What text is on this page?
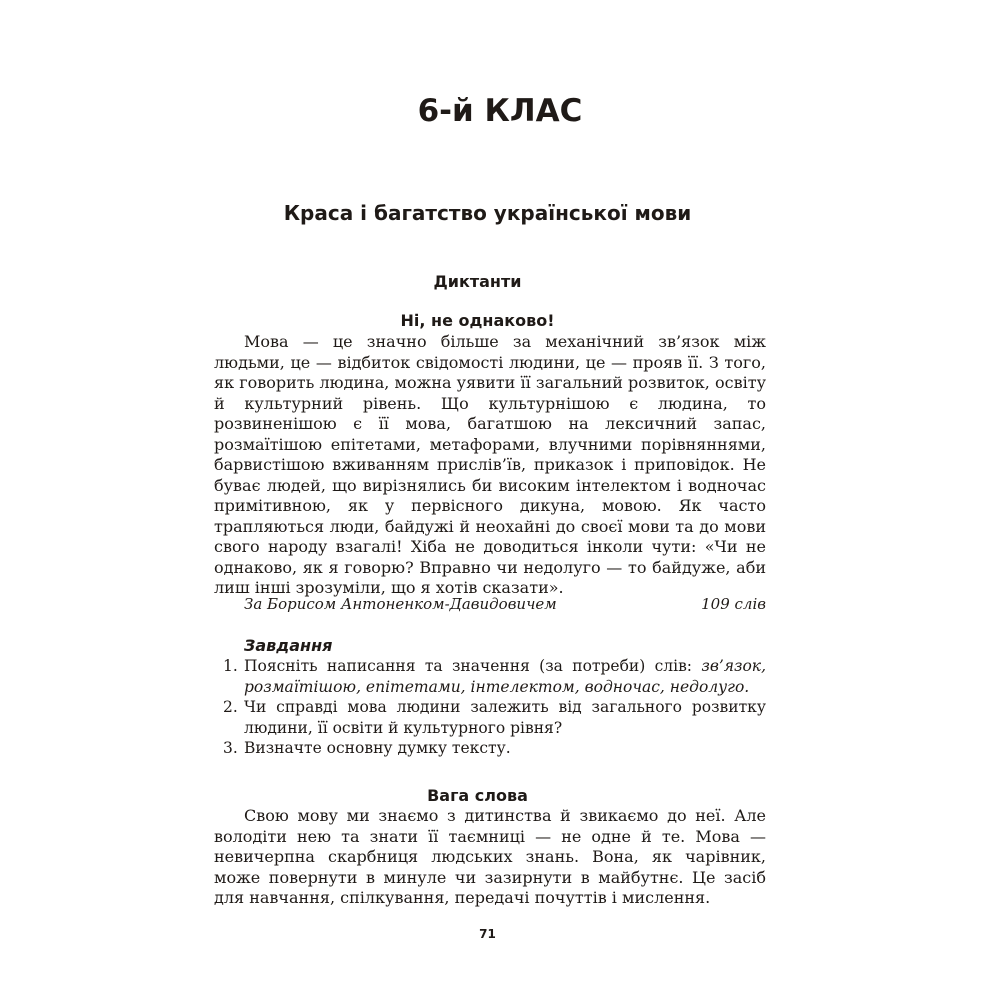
6-й КЛАС
Краса і багатство української мови
Диктанти
Ні, не однаково!

Мова — це значно більше за механічний зв’язок між людьми, це — відбиток свідомості людини, це — прояв її. З того, як говорить людина, можна уявити її загальний розвиток, освіту й культурний рівень. Що культурнішою є людина, то розвиненішою є її мова, багатшою на лексичний запас, розмаїтішою епітетами, метафорами, влучними порівняннями, барвистішою вживанням прислів’їв, приказок і приповідок. Не буває людей, що вирізнялись би високим інтелектом і водночас примітивною, як у первісного дикуна, мовою. Як часто трапляються люди, байдужі й неохайні до своєї мови та до мови свого народу взагалі! Хіба не доводиться інколи чути: «Чи не однаково, як я говорю? Вправно чи недолуго — то байдуже, аби лиш інші зрозуміли, що я хотів сказати».

За Борисом Антоненком-Давидовичем	109 слів
Завдання
1. Поясніть написання та значення (за потреби) слів: зв’язок, розмаїтішою, епітетами, інтелектом, водночас, недолуго.
2. Чи справді мова людини залежить від загального розвитку людини, її освіти й культурного рівня?
3. Визначте основну думку тексту.
Вага слова

Свою мову ми знаємо з дитинства й звикаємо до неї. Але володіти нею та знати її таємниці — не одне й те. Мова — невичерпна скарбниця людських знань. Вона, як чарівник, може повернути в минуле чи зазирнути в майбутнє. Це засіб для навчання, спілкування, передачі почуттів і мислення.

71
